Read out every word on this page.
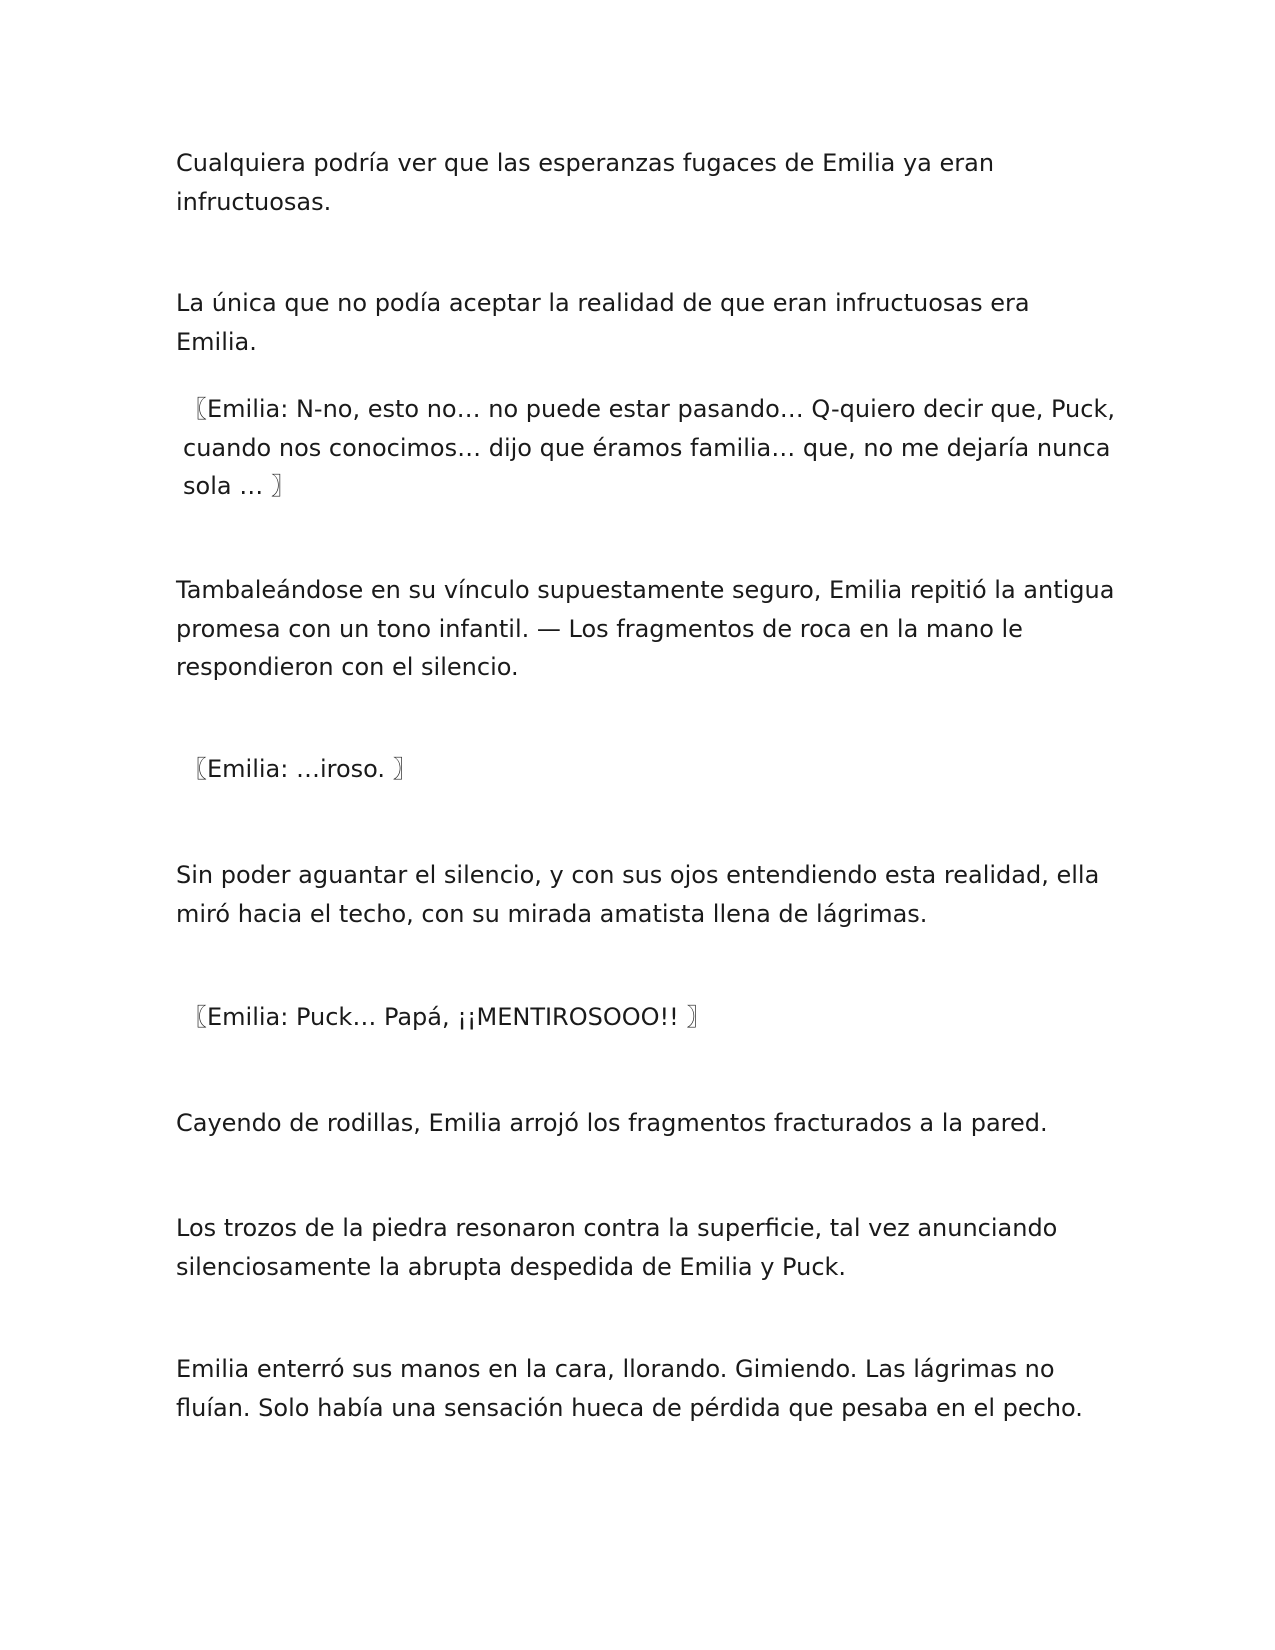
Cualquiera podría ver que las esperanzas fugaces de Emilia ya eran infructuosas.

La única que no podía aceptar la realidad de que eran infructuosas era Emilia.

〖Emilia: N-no, esto no… no puede estar pasando… Q-quiero decir que, Puck, cuando nos conocimos… dijo que éramos familia… que, no me dejaría nunca sola … 〗

Tambaleándose en su vínculo supuestamente seguro, Emilia repitió la antigua promesa con un tono infantil. — Los fragmentos de roca en la mano le respondieron con el silencio.

〖Emilia: …iroso. 〗

Sin poder aguantar el silencio, y con sus ojos entendiendo esta realidad, ella miró hacia el techo, con su mirada amatista llena de lágrimas.

〖Emilia: Puck… Papá, ¡¡MENTIROSOOO!! 〗

Cayendo de rodillas, Emilia arrojó los fragmentos fracturados a la pared.

Los trozos de la piedra resonaron contra la superficie, tal vez anunciando silenciosamente la abrupta despedida de Emilia y Puck.

Emilia enterró sus manos en la cara, llorando. Gimiendo. Las lágrimas no fluían. Solo había una sensación hueca de pérdida que pesaba en el pecho.
